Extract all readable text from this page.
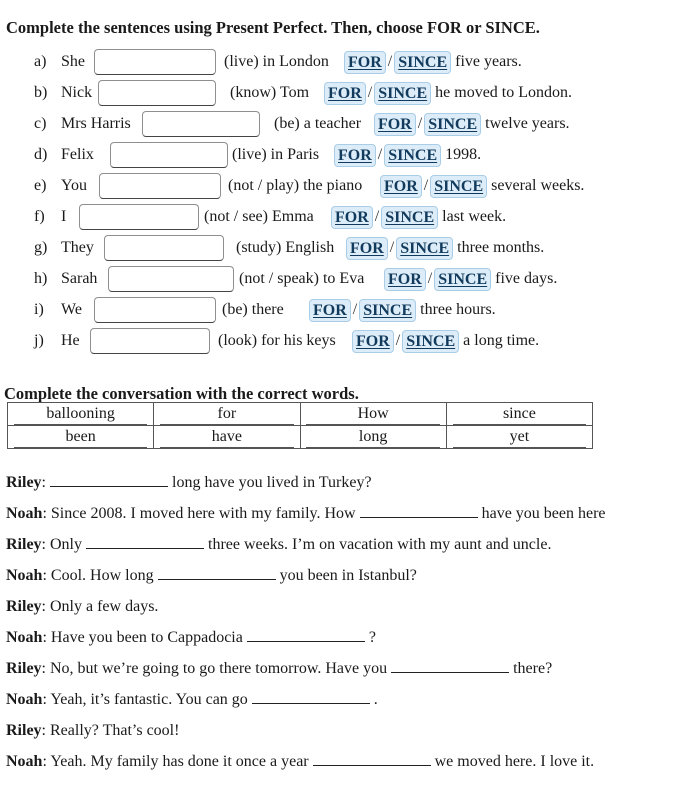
Complete the sentences using Present Perfect. Then, choose FOR or SINCE.
a) She	(live) in London FOR / SINCE five years.
b) Nick	(know) Tom FOR / SINCE he moved to London.
c) Mrs Harris	(be) a teacher FOR / SINCE twelve years.
d) Felix	(live) in Paris FOR / SINCE 1998.
e) You	(not / play) the piano FOR / SINCE several weeks.
f) I	(not / see) Emma FOR / SINCE last week.
g) They	(study) English FOR / SINCE three months.
h) Sarah	(not / speak) to Eva FOR / SINCE five days.
i) We	(be) there FOR / SINCE three hours.
j) He	(look) for his keys FOR / SINCE a long time.
Complete the conversation with the correct words.
ballooning	for	How	since
been	have	long	yet
Riley:	long have you lived in Turkey?
Noah: Since 2008. I moved here with my family. How	have you been here
Riley: Only	three weeks. I’m on vacation with my aunt and uncle.
Noah: Cool. How long	you been in Istanbul?
Riley: Only a few days.
Noah: Have you been to Cappadocia	?
Riley: No, but we’re going to go there tomorrow. Have you	there?
Noah: Yeah, it’s fantastic. You can go	.
Riley: Really? That’s cool!
Noah: Yeah. My family has done it once a year	we moved here. I love it.
